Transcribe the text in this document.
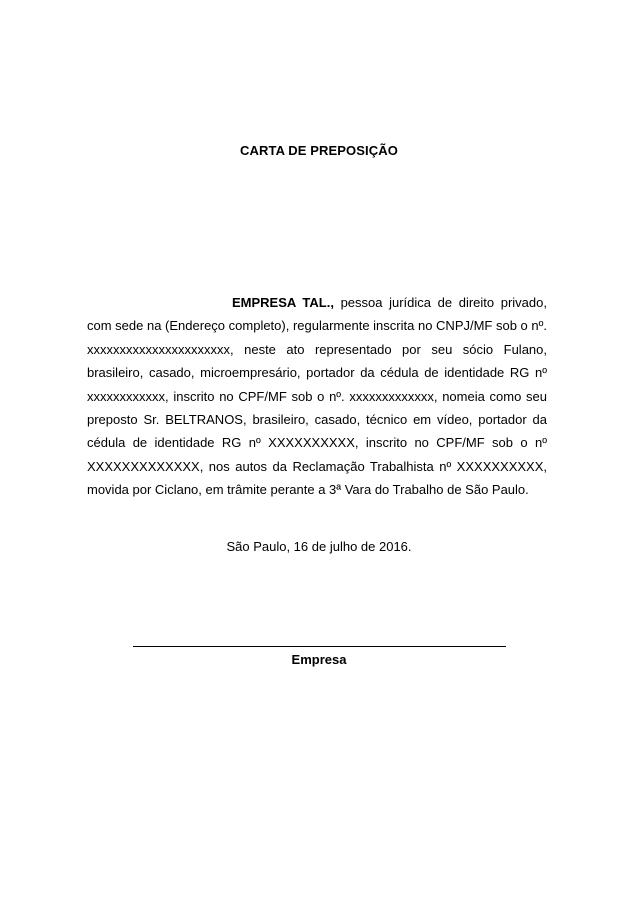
CARTA DE PREPOSIÇÃO
EMPRESA TAL., pessoa jurídica de direito privado, com sede na (Endereço completo), regularmente inscrita no CNPJ/MF sob o nº. xxxxxxxxxxxxxxxxxxxxxx, neste ato representado por seu sócio Fulano, brasileiro, casado, microempresário, portador da cédula de identidade RG nº xxxxxxxxxxxx, inscrito no CPF/MF sob o nº. xxxxxxxxxxxxx, nomeia como seu preposto Sr. BELTRANOS, brasileiro, casado, técnico em vídeo, portador da cédula de identidade RG nº XXXXXXXXXX, inscrito no CPF/MF sob o nº XXXXXXXXXXXXX, nos autos da Reclamação Trabalhista nº XXXXXXXXXX, movida por Ciclano, em trâmite perante a 3ª Vara do Trabalho de São Paulo.
São Paulo, 16 de julho de 2016.
Empresa
